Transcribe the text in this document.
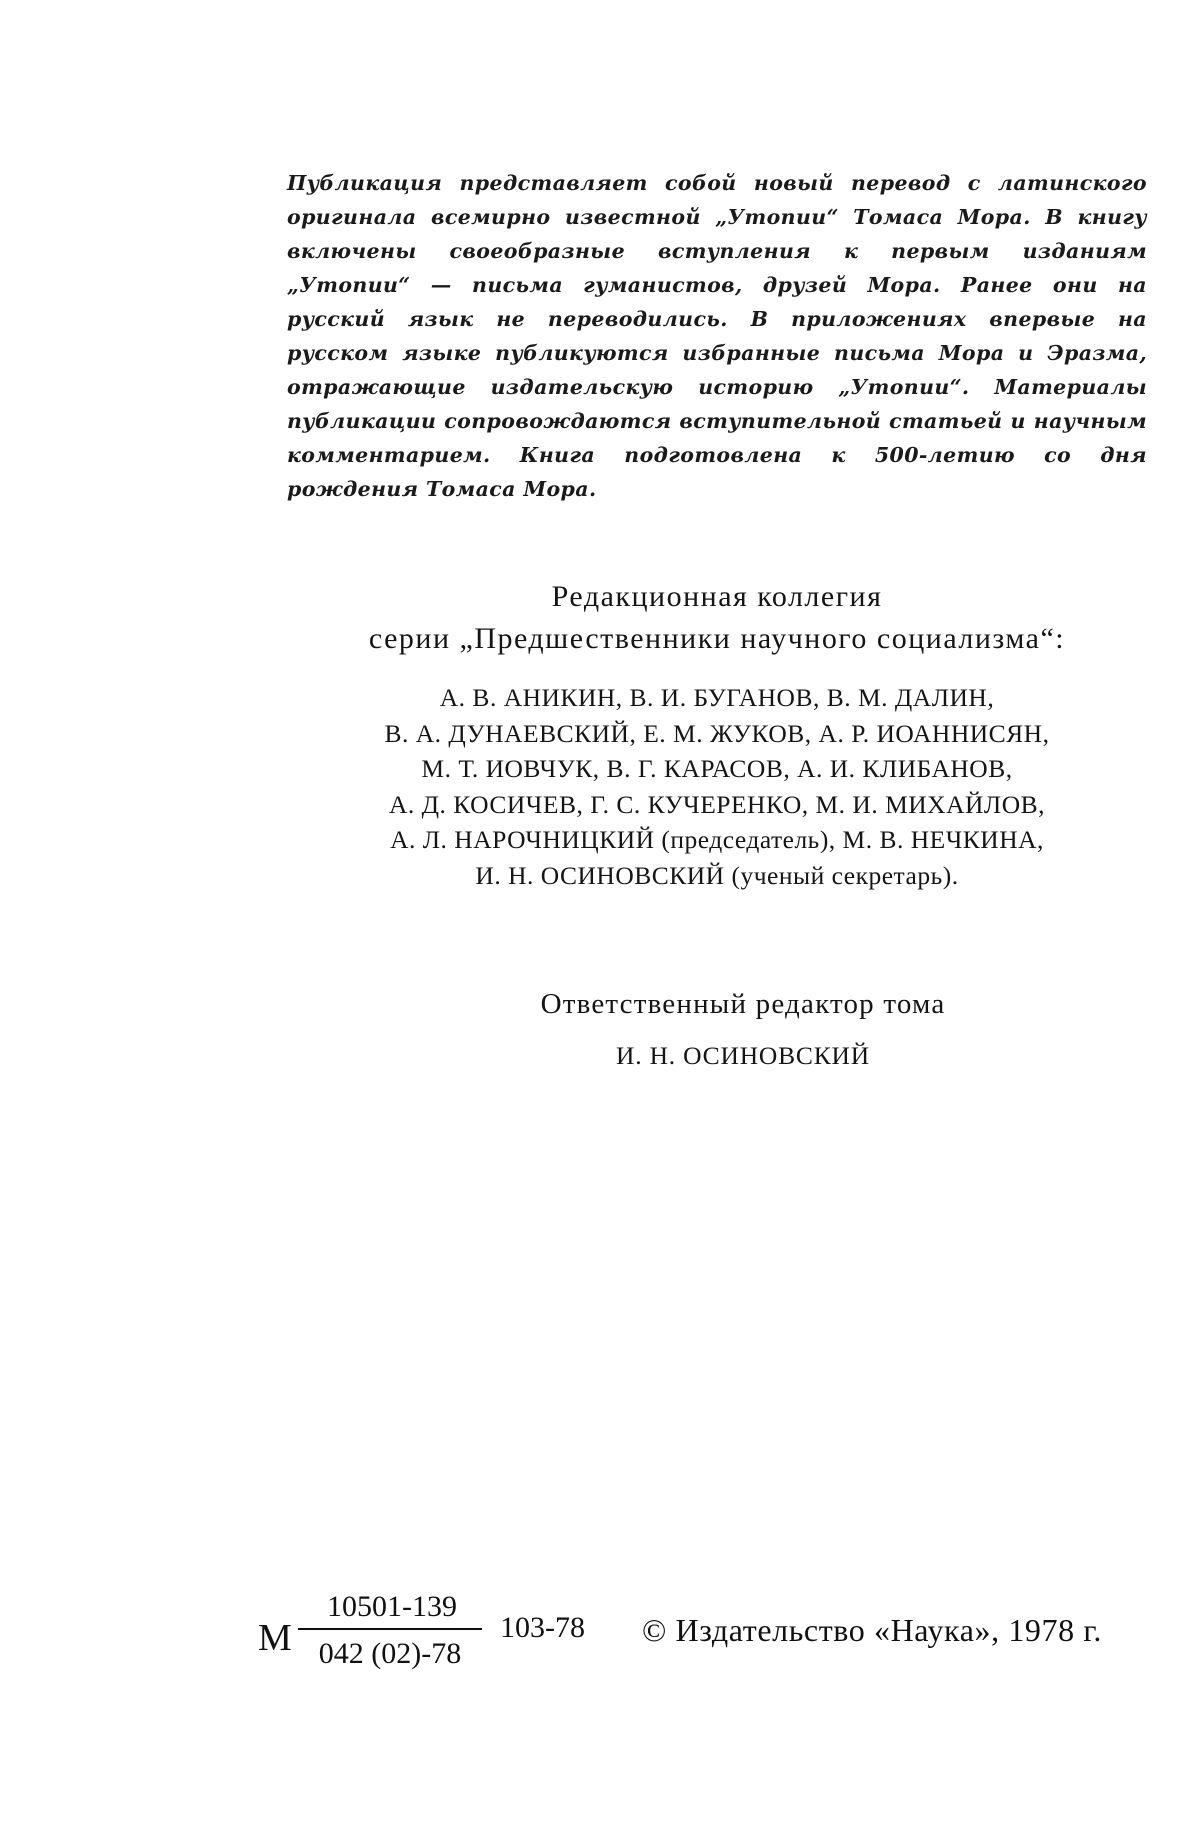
Публикация представляет собой новый перевод с латинского оригинала всемирно известной „Утопии“ Томаса Мора. В книгу включены своеобразные вступления к первым изданиям „Утопии“ — письма гуманистов, друзей Мора. Ранее они на русский язык не переводились. В приложениях впервые на русском языке публикуются избранные письма Мора и Эразма, отражающие издательскую историю „Утопии“. Материалы публикации сопровождаются вступительной статьей и научным комментарием. Книга подготовлена к 500-летию со дня рождения Томаса Мора.
Редакционная коллегия
серии „Предшественники научного социализма“:
А. В. АНИКИН, В. И. БУГАНОВ, В. М. ДАЛИН,
В. А. ДУНАЕВСКИЙ, Е. М. ЖУКОВ, А. Р. ИОАННИСЯН,
М. Т. ИОВЧУК, В. Г. КАРАСОВ, А. И. КЛИБАНОВ,
А. Д. КОСИЧЕВ, Г. С. КУЧЕРЕНКО, М. И. МИХАЙЛОВ,
А. Л. НАРОЧНИЦКИЙ (председатель), М. В. НЕЧКИНА,
И. Н. ОСИНОВСКИЙ (ученый секретарь).
Ответственный редактор тома
И. Н. ОСИНОВСКИЙ
М
10501-139
042 (02)-78
103-78 © Издательство «Наука», 1978 г.
